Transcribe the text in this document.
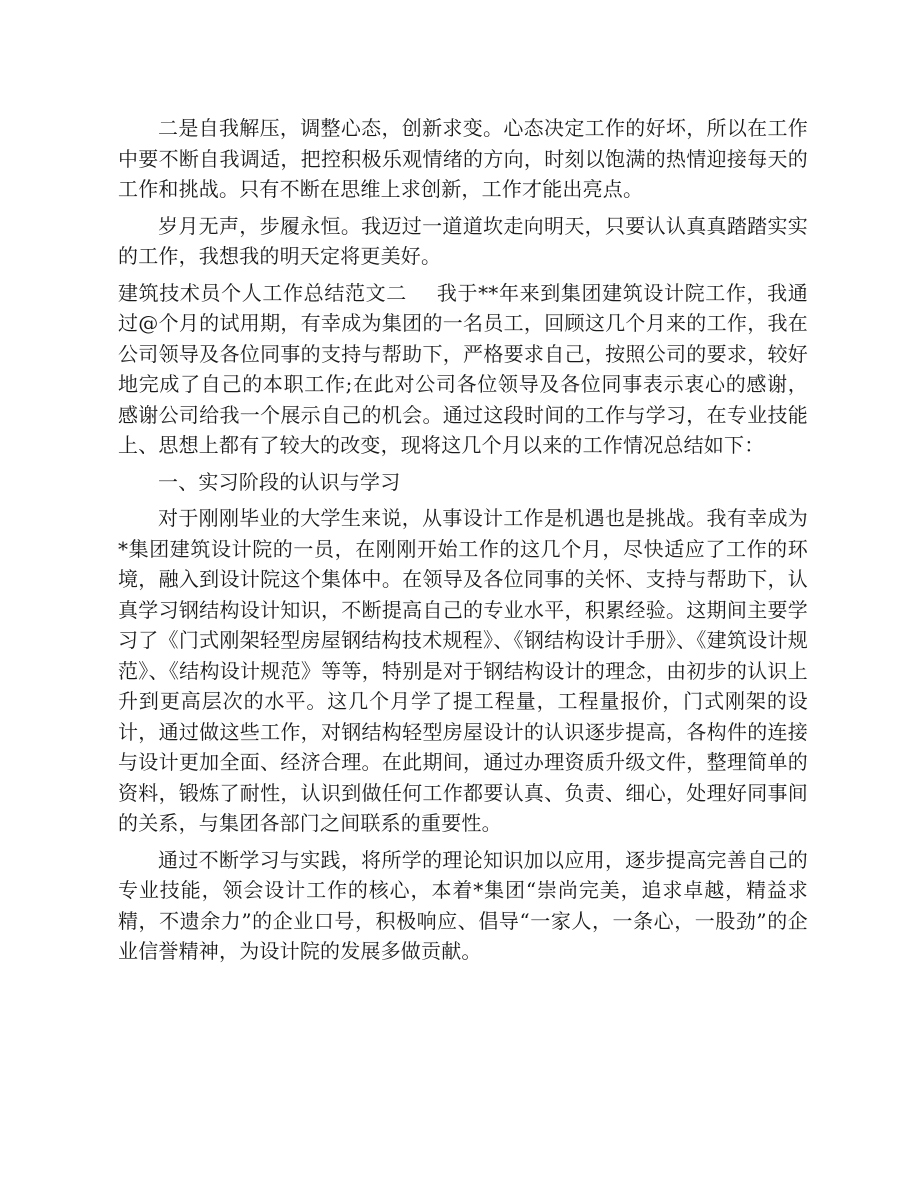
二是自我解压，调整心态，创新求变。心态决定工作的好坏，所以在工作中要不断自我调适，把控积极乐观情绪的方向，时刻以饱满的热情迎接每天的工作和挑战。只有不断在思维上求创新，工作才能出亮点。

岁月无声，步履永恒。我迈过一道道坎走向明天，只要认认真真踏踏实实的工作，我想我的明天定将更美好。

建筑技术员个人工作总结范文二 我于**年来到集团建筑设计院工作，我通过@个月的试用期，有幸成为集团的一名员工，回顾这几个月来的工作，我在公司领导及各位同事的支持与帮助下，严格要求自己，按照公司的要求，较好地完成了自己的本职工作;在此对公司各位领导及各位同事表示衷心的感谢，感谢公司给我一个展示自己的机会。通过这段时间的工作与学习，在专业技能上、思想上都有了较大的改变，现将这几个月以来的工作情况总结如下：

一、实习阶段的认识与学习

对于刚刚毕业的大学生来说，从事设计工作是机遇也是挑战。我有幸成为*集团建筑设计院的一员，在刚刚开始工作的这几个月，尽快适应了工作的环境，融入到设计院这个集体中。在领导及各位同事的关怀、支持与帮助下，认真学习钢结构设计知识，不断提高自己的专业水平，积累经验。这期间主要学习了《门式刚架轻型房屋钢结构技术规程》、《钢结构设计手册》、《建筑设计规范》、《结构设计规范》等等，特别是对于钢结构设计的理念，由初步的认识上升到更高层次的水平。这几个月学了提工程量，工程量报价，门式刚架的设计，通过做这些工作，对钢结构轻型房屋设计的认识逐步提高，各构件的连接与设计更加全面、经济合理。在此期间，通过办理资质升级文件，整理简单的资料，锻炼了耐性，认识到做任何工作都要认真、负责、细心，处理好同事间的关系，与集团各部门之间联系的重要性。

通过不断学习与实践，将所学的理论知识加以应用，逐步提高完善自己的专业技能，领会设计工作的核心，本着*集团“崇尚完美，追求卓越，精益求精，不遗余力”的企业口号，积极响应、倡导“一家人，一条心，一股劲”的企业信誉精神，为设计院的发展多做贡献。
